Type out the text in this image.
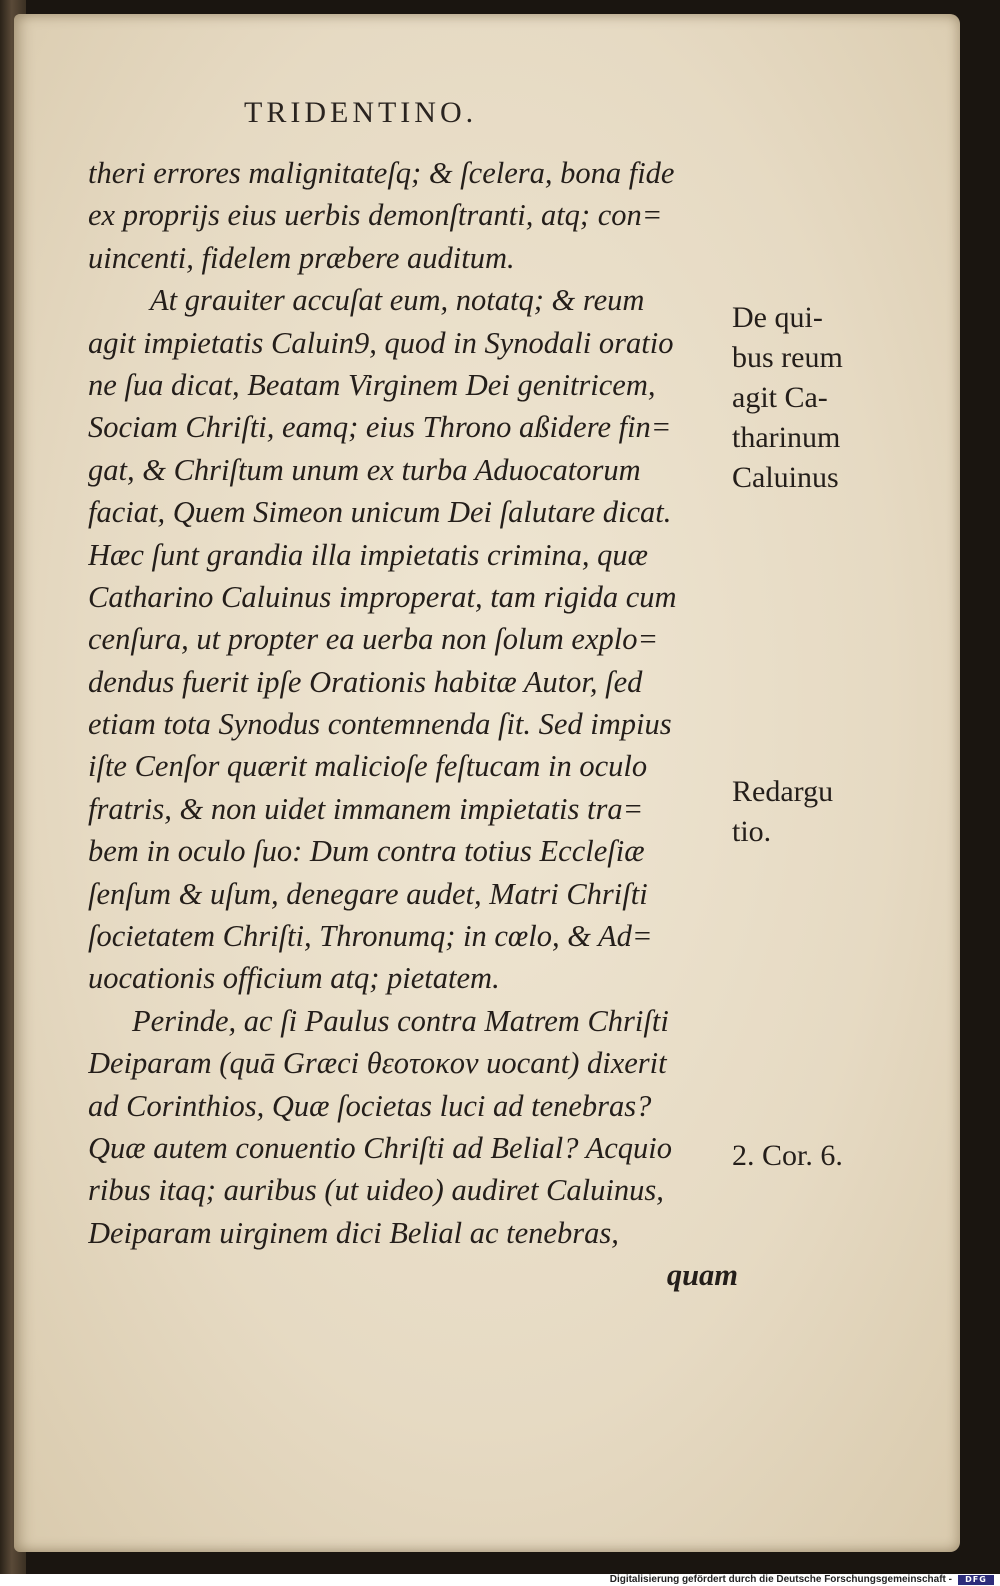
TRIDENTINO.
theri errores malignitateſq; & ſcelera, bona fide
ex proprijs eius uerbis demonſtranti, atq; con=
uincenti, fidelem præbere auditum.
At grauiter accuſat eum, notatq; & reum
agit impietatis Caluin9, quod in Synodali oratio
ne ſua dicat, Beatam Virginem Dei genitricem,
Sociam Chriſti, eamq; eius Throno aßidere fin=
gat, & Chriſtum unum ex turba Aduocatorum
faciat, Quem Simeon unicum Dei ſalutare dicat.
Hæc ſunt grandia illa impietatis crimina, quæ
Catharino Caluinus improperat, tam rigida cum
cenſura, ut propter ea uerba non ſolum explo=
dendus fuerit ipſe Orationis habitæ Autor, ſed
etiam tota Synodus contemnenda ſit. Sed impius
iſte Cenſor quærit malicioſe feſtucam in oculo
fratris, & non uidet immanem impietatis tra=
bem in oculo ſuo: Dum contra totius Eccleſiæ
ſenſum & uſum, denegare audet, Matri Chriſti
ſocietatem Chriſti, Thronumq; in cœlo, & Ad=
uocationis officium atq; pietatem.
Perinde, ac ſi Paulus contra Matrem Chriſti
Deiparam (quā Græci θεοτοκον uocant) dixerit
ad Corinthios, Quæ ſocietas luci ad tenebras?
Quæ autem conuentio Chriſti ad Belial? Acquio
ribus itaq; auribus (ut uideo) audiret Caluinus,
Deiparam uirginem dici Belial ac tenebras,
quam
De qui-
bus reum
agit Ca-
tharinum
Caluinus
Redargu
tio.
2. Cor. 6.
Digitalisierung gefördert durch die Deutsche Forschungsgemeinschaft -	DFG
